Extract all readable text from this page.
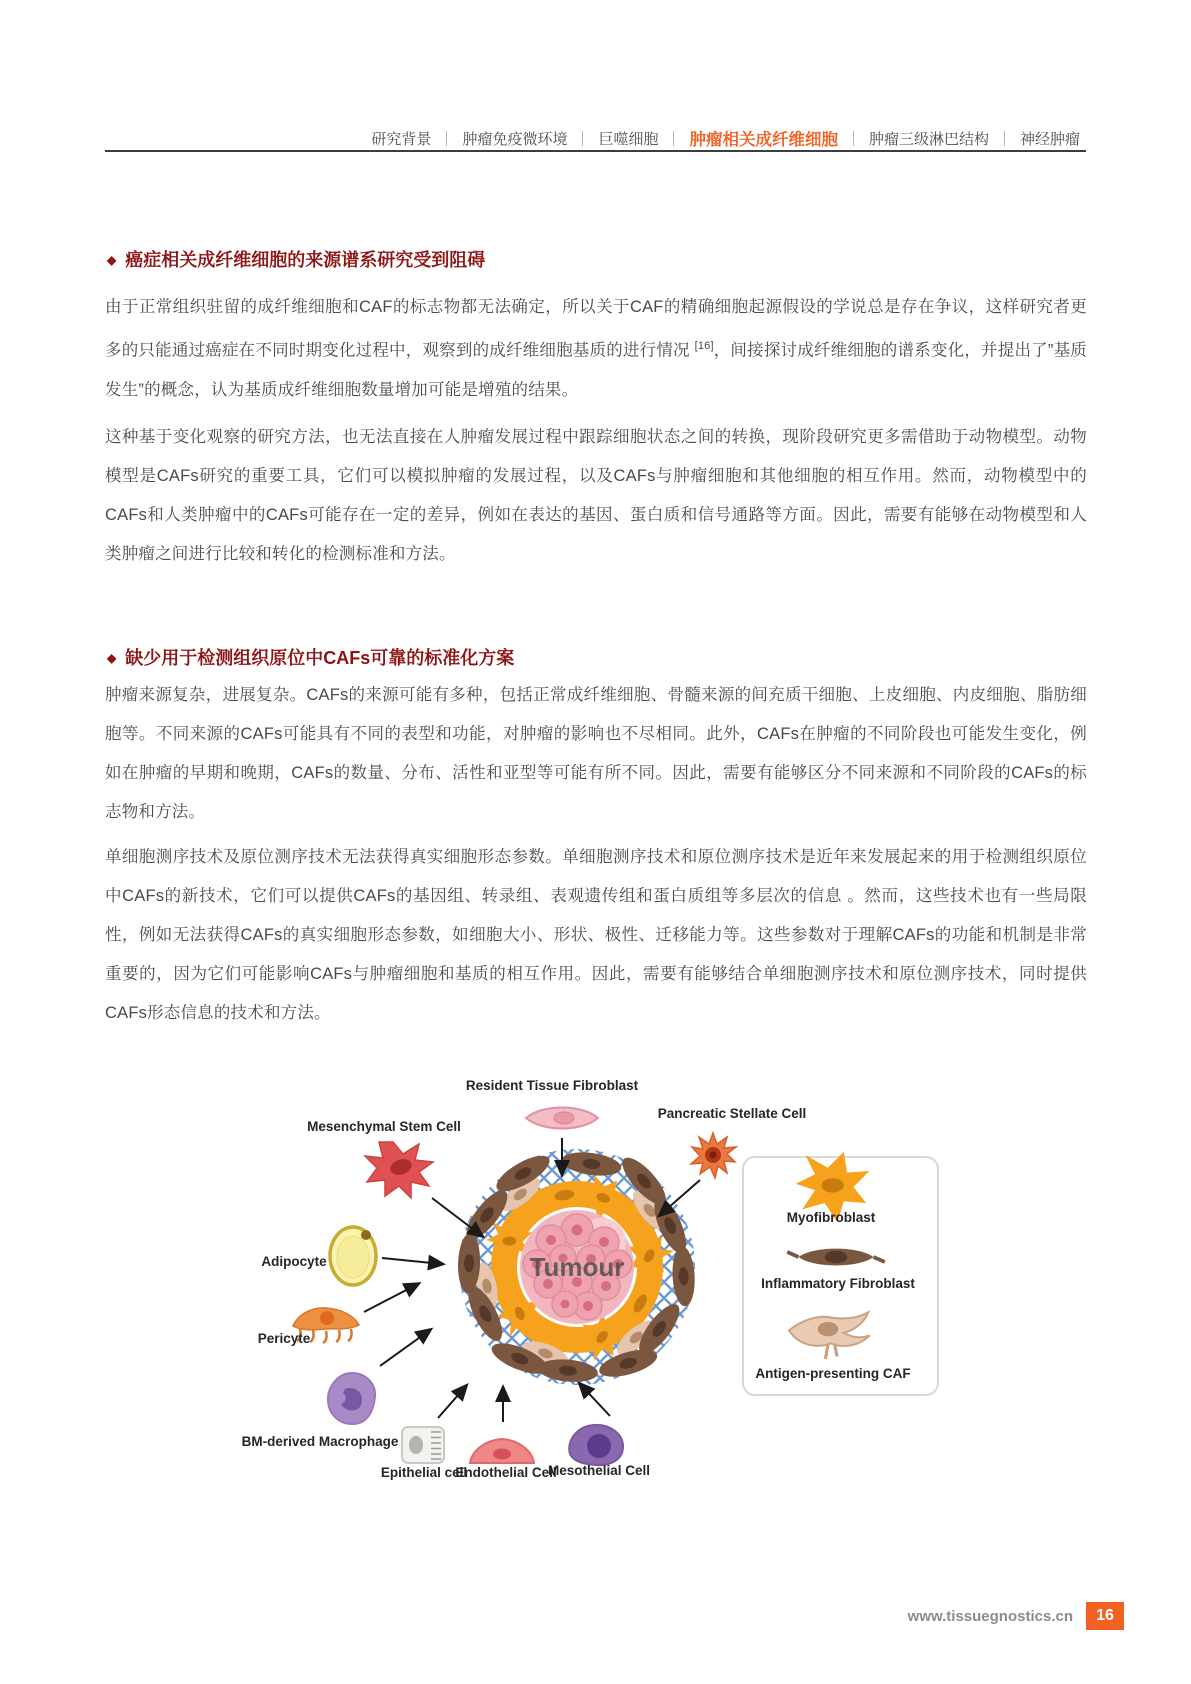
研究背景 肿瘤免疫微环境 巨噬细胞 肿瘤相关成纤维细胞 肿瘤三级淋巴结构 神经肿瘤
◆ 癌症相关成纤维细胞的来源谱系研究受到阻碍

由于正常组织驻留的成纤维细胞和CAF的标志物都无法确定，所以关于CAF的精确细胞起源假设的学说总是存在争议，这样研究者更多的只能通过癌症在不同时期变化过程中，观察到的成纤维细胞基质的进行情况 [16]，间接探讨成纤维细胞的谱系变化，并提出了”基质发生”的概念，认为基质成纤维细胞数量增加可能是增殖的结果。

这种基于变化观察的研究方法，也无法直接在人肿瘤发展过程中跟踪细胞状态之间的转换，现阶段研究更多需借助于动物模型。动物模型是CAFs研究的重要工具，它们可以模拟肿瘤的发展过程，以及CAFs与肿瘤细胞和其他细胞的相互作用。然而，动物模型中的CAFs和人类肿瘤中的CAFs可能存在一定的差异，例如在表达的基因、蛋白质和信号通路等方面。因此，需要有能够在动物模型和人类肿瘤之间进行比较和转化的检测标准和方法。

◆ 缺少用于检测组织原位中CAFs可靠的标准化方案

肿瘤来源复杂，进展复杂。CAFs的来源可能有多种，包括正常成纤维细胞、骨髓来源的间充质干细胞、上皮细胞、内皮细胞、脂肪细胞等。不同来源的CAFs可能具有不同的表型和功能，对肿瘤的影响也不尽相同。此外，CAFs在肿瘤的不同阶段也可能发生变化，例如在肿瘤的早期和晚期，CAFs的数量、分布、活性和亚型等可能有所不同。因此，需要有能够区分不同来源和不同阶段的CAFs的标志物和方法。

单细胞测序技术及原位测序技术无法获得真实细胞形态参数。单细胞测序技术和原位测序技术是近年来发展起来的用于检测组织原位中CAFs的新技术，它们可以提供CAFs的基因组、转录组、表观遗传组和蛋白质组等多层次的信息 。然而，这些技术也有一些局限性，例如无法获得CAFs的真实细胞形态参数，如细胞大小、形状、极性、迁移能力等。这些参数对于理解CAFs的功能和机制是非常重要的，因为它们可能影响CAFs与肿瘤细胞和基质的相互作用。因此，需要有能够结合单细胞测序技术和原位测序技术，同时提供CAFs形态信息的技术和方法。

Tumour
Resident Tissue Fibroblast
Mesenchymal Stem Cell
Pancreatic Stellate Cell
Adipocyte
Pericyte
BM-derived Macrophage
Epithelial cell
Endothelial Cell
Mesothelial Cell
Myofibroblast
Inflammatory Fibroblast
Antigen-presenting CAF
www.tissuegnostics.cn	16
